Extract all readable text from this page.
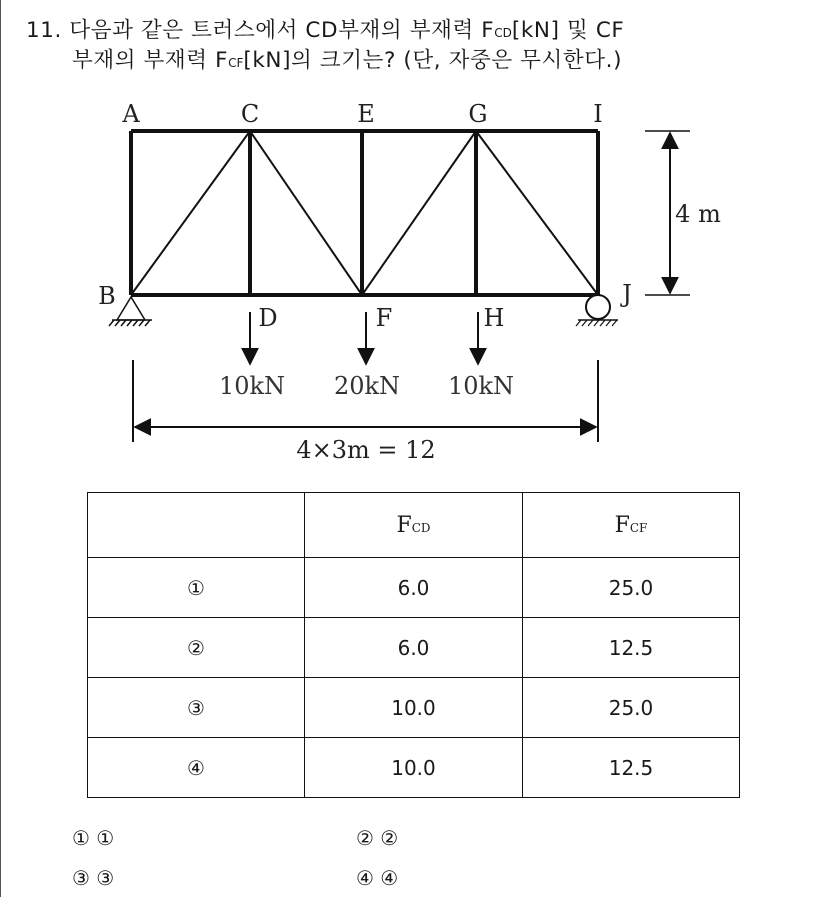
11. 다음과 같은 트러스에서 CD부재의 부재력 FCD[kN] 및 CF
부재의 부재력 FCF[kN]의 크기는? (단, 자중은 무시한다.)
A	C	E	G	I
B	J
D	F	H
10kN 20kN 10kN
4 m
4×3m = 12
	FCD	FCF
①	6.0	25.0
②	6.0	12.5
③	10.0	25.0
④	10.0	12.5
① ①	② ②
③ ③	④ ④
